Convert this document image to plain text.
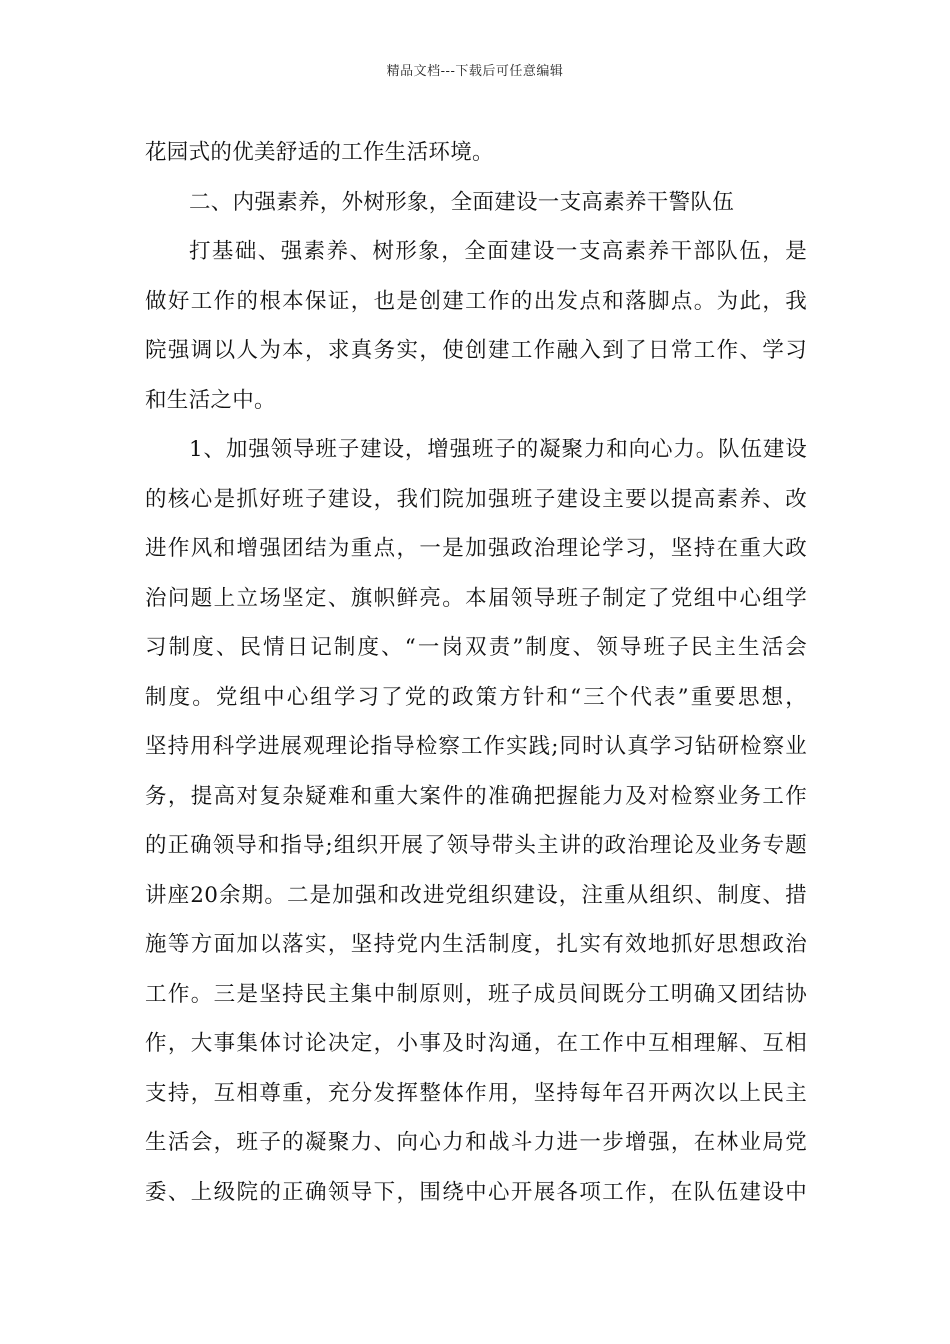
精品文档---下载后可任意编辑
花园式的优美舒适的工作生活环境。
二、内强素养，外树形象，全面建设一支高素养干警队伍
打基础、强素养、树形象，全面建设一支高素养干部队伍，是
做好工作的根本保证，也是创建工作的出发点和落脚点。为此，我
院强调以人为本，求真务实，使创建工作融入到了日常工作、学习
和生活之中。
1、加强领导班子建设，增强班子的凝聚力和向心力。队伍建设
的核心是抓好班子建设，我们院加强班子建设主要以提高素养、改
进作风和增强团结为重点，一是加强政治理论学习，坚持在重大政
治问题上立场坚定、旗帜鲜亮。本届领导班子制定了党组中心组学
习制度、民情日记制度、“一岗双责”制度、领导班子民主生活会
制度。党组中心组学习了党的政策方针和“三个代表”重要思想，
坚持用科学进展观理论指导检察工作实践;同时认真学习钻研检察业
务，提高对复杂疑难和重大案件的准确把握能力及对检察业务工作
的正确领导和指导;组织开展了领导带头主讲的政治理论及业务专题
讲座20余期。二是加强和改进党组织建设，注重从组织、制度、措
施等方面加以落实，坚持党内生活制度，扎实有效地抓好思想政治
工作。三是坚持民主集中制原则，班子成员间既分工明确又团结协
作，大事集体讨论决定，小事及时沟通，在工作中互相理解、互相
支持，互相尊重，充分发挥整体作用，坚持每年召开两次以上民主
生活会，班子的凝聚力、向心力和战斗力进一步增强，在林业局党
委、上级院的正确领导下，围绕中心开展各项工作，在队伍建设中
